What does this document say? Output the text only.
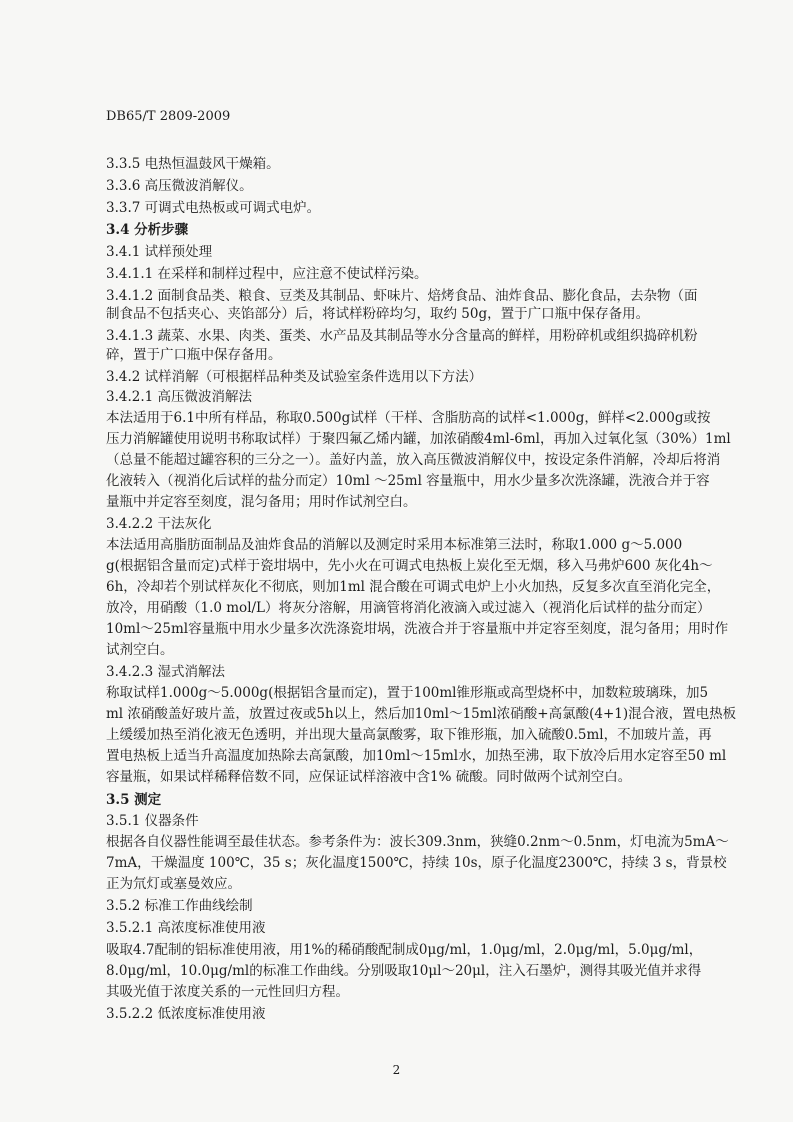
DB65/T 2809-2009
3.3.5 电热恒温鼓风干燥箱。
3.3.6 高压微波消解仪。
3.3.7 可调式电热板或可调式电炉。
3.4 分析步骤
3.4.1 试样预处理
3.4.1.1 在采样和制样过程中，应注意不使试样污染。
3.4.1.2 面制食品类、粮食、豆类及其制品、虾味片、焙烤食品、油炸食品、膨化食品，去杂物（面
制食品不包括夹心、夹馅部分）后，将试样粉碎均匀，取约 50g，置于广口瓶中保存备用。
3.4.1.3 蔬菜、水果、肉类、蛋类、水产品及其制品等水分含量高的鲜样，用粉碎机或组织捣碎机粉
碎，置于广口瓶中保存备用。
3.4.2 试样消解（可根据样品种类及试验室条件选用以下方法）
3.4.2.1 高压微波消解法
本法适用于6.1中所有样品，称取0.500g试样（干样、含脂肪高的试样<1.000g，鲜样<2.000g或按
压力消解罐使用说明书称取试样）于聚四氟乙烯内罐，加浓硝酸4ml-6ml，再加入过氧化氢（30%）1ml
（总量不能超过罐容积的三分之一）。盖好内盖，放入高压微波消解仪中，按设定条件消解，冷却后将消
化液转入（视消化后试样的盐分而定）10ml ～25ml 容量瓶中，用水少量多次洗涤罐，洗液合并于容
量瓶中并定容至刻度，混匀备用；用时作试剂空白。
3.4.2.2 干法灰化
本法适用高脂肪面制品及油炸食品的消解以及测定时采用本标准第三法时，称取1.000 g～5.000
g(根据铝含量而定)式样于瓷坩埚中，先小火在可调式电热板上炭化至无烟，移入马弗炉600 灰化4h～
6h，冷却若个别试样灰化不彻底，则加1ml 混合酸在可调式电炉上小火加热，反复多次直至消化完全，
放冷，用硝酸（1.0 mol/L）将灰分溶解，用滴管将消化液滴入或过滤入（视消化后试样的盐分而定）
10ml～25ml容量瓶中用水少量多次洗涤瓷坩埚，洗液合并于容量瓶中并定容至刻度，混匀备用；用时作
试剂空白。
3.4.2.3 湿式消解法
称取试样1.000g～5.000g(根据铝含量而定)，置于100ml锥形瓶或高型烧杯中，加数粒玻璃珠，加5
ml 浓硝酸盖好玻片盖，放置过夜或5h以上，然后加10ml～15ml浓硝酸+高氯酸(4+1)混合液，置电热板
上缓缓加热至消化液无色透明，并出现大量高氯酸雾，取下锥形瓶，加入硫酸0.5ml，不加玻片盖，再
置电热板上适当升高温度加热除去高氯酸，加10ml～15ml水，加热至沸，取下放冷后用水定容至50 ml
容量瓶，如果试样稀释倍数不同，应保证试样溶液中含1% 硫酸。同时做两个试剂空白。
3.5 测定
3.5.1 仪器条件
根据各自仪器性能调至最佳状态。参考条件为：波长309.3nm，狭缝0.2nm～0.5nm，灯电流为5mA～
7mA，干燥温度 100℃，35 s；灰化温度1500℃，持续 10s，原子化温度2300℃，持续 3 s，背景校
正为氘灯或塞曼效应。
3.5.2 标准工作曲线绘制
3.5.2.1 高浓度标准使用液
吸取4.7配制的铝标准使用液，用1%的稀硝酸配制成0μg/ml，1.0μg/ml，2.0μg/ml，5.0μg/ml，
8.0μg/ml，10.0μg/ml的标准工作曲线。分别吸取10μl～20μl，注入石墨炉，测得其吸光值并求得
其吸光值于浓度关系的一元性回归方程。
3.5.2.2 低浓度标准使用液
2
